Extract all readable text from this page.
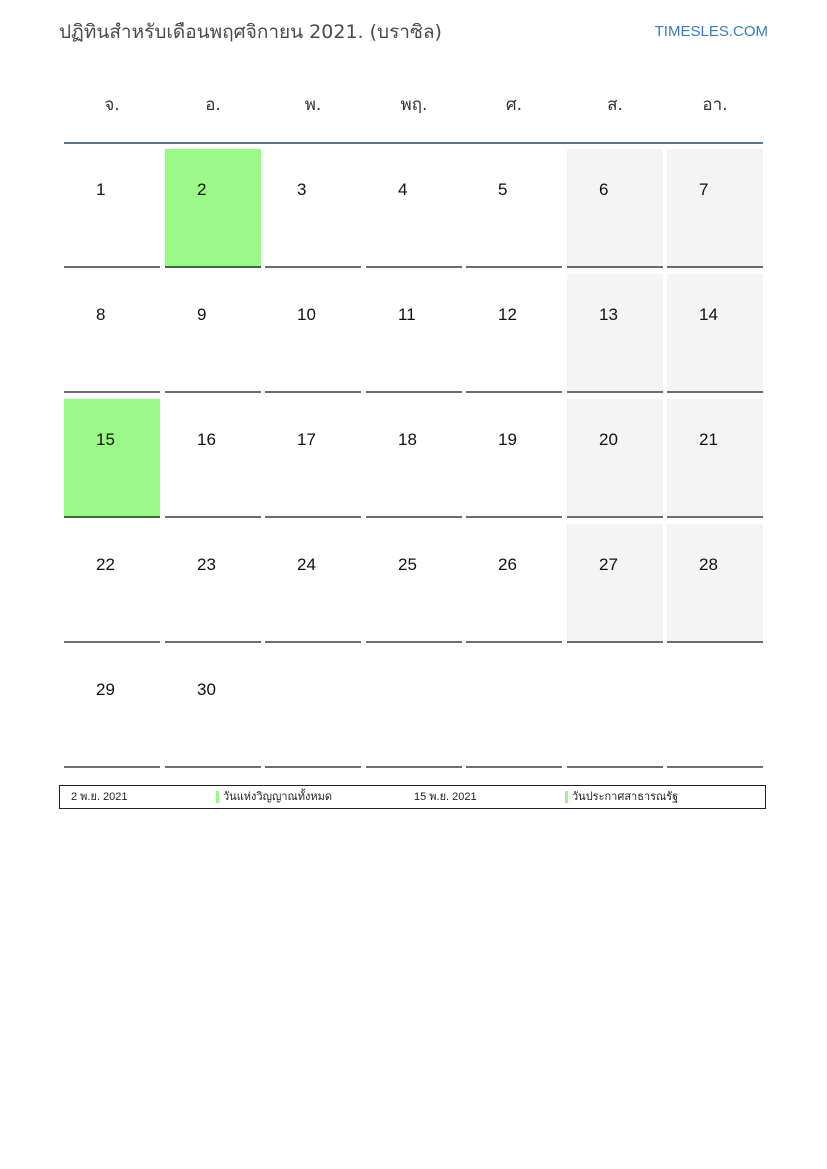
ปฏิทินสำหรับเดือนพฤศจิกายน 2021. (บราซิล)	TIMESLES.COM
จ.	อ.	พ.	พฤ.	ศ.	ส.	อา.
1	2	3	4	5	6	7
8	9	10	11	12	13	14
15	16	17	18	19	20	21
22	23	24	25	26	27	28
29	30
2 พ.ย. 2021	วันแห่งวิญญาณทั้งหมด	15 พ.ย. 2021	วันประกาศสาธารณรัฐ
